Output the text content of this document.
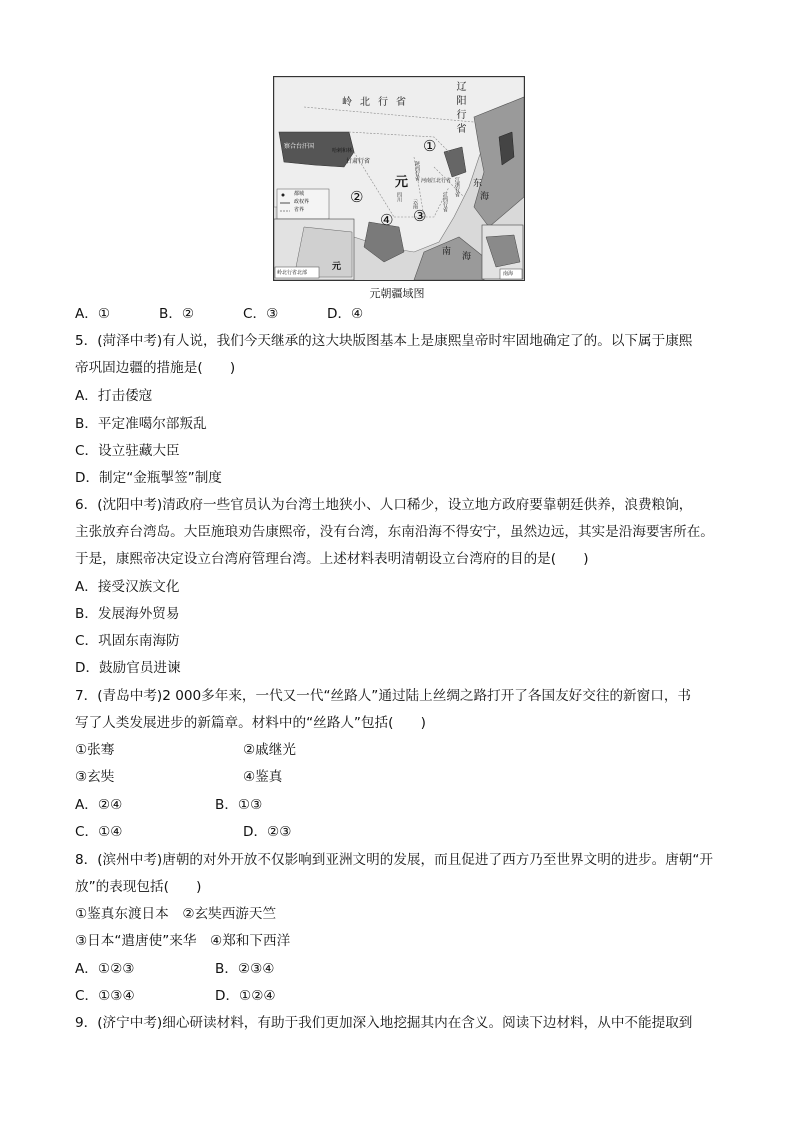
岭北行省	辽阳行省
察合台汗国
哈剌和林
甘肃行省
①
元
陕西行省 河南江北行省 江浙行省
江西行省
四川
云南
②
④ ③
东
海
南 海
都城
政权界
省界
岭北行省北部
元
南海
元朝疆域图
A．①	B．②	C．③	D．④
5．(菏泽中考)有人说，我们今天继承的这大块版图基本上是康熙皇帝时牢固地确定了的。以下属于康熙
帝巩固边疆的措施是(　　)
A．打击倭寇
B．平定准噶尔部叛乱
C．设立驻藏大臣
D．制定“金瓶掣签”制度
6．(沈阳中考)清政府一些官员认为台湾土地狭小、人口稀少，设立地方政府要靠朝廷供养，浪费粮饷，
主张放弃台湾岛。大臣施琅劝告康熙帝，没有台湾，东南沿海不得安宁，虽然边远，其实是沿海要害所在。
于是，康熙帝决定设立台湾府管理台湾。上述材料表明清朝设立台湾府的目的是(　　)
A．接受汉族文化
B．发展海外贸易
C．巩固东南海防
D．鼓励官员进谏
7．(青岛中考)2 000多年来，一代又一代“丝路人”通过陆上丝绸之路打开了各国友好交往的新窗口，书
写了人类发展进步的新篇章。材料中的“丝路人”包括(　　)
①张骞	②戚继光
③玄奘	④鉴真
A．②④	B．①③
C．①④	D．②③
8．(滨州中考)唐朝的对外开放不仅影响到亚洲文明的发展，而且促进了西方乃至世界文明的进步。唐朝“开
放”的表现包括(　　)
①鉴真东渡日本　②玄奘西游天竺
③日本“遣唐使”来华　④郑和下西洋
A．①②③	B．②③④
C．①③④	D．①②④
9．(济宁中考)细心研读材料，有助于我们更加深入地挖掘其内在含义。阅读下边材料，从中不能提取到
